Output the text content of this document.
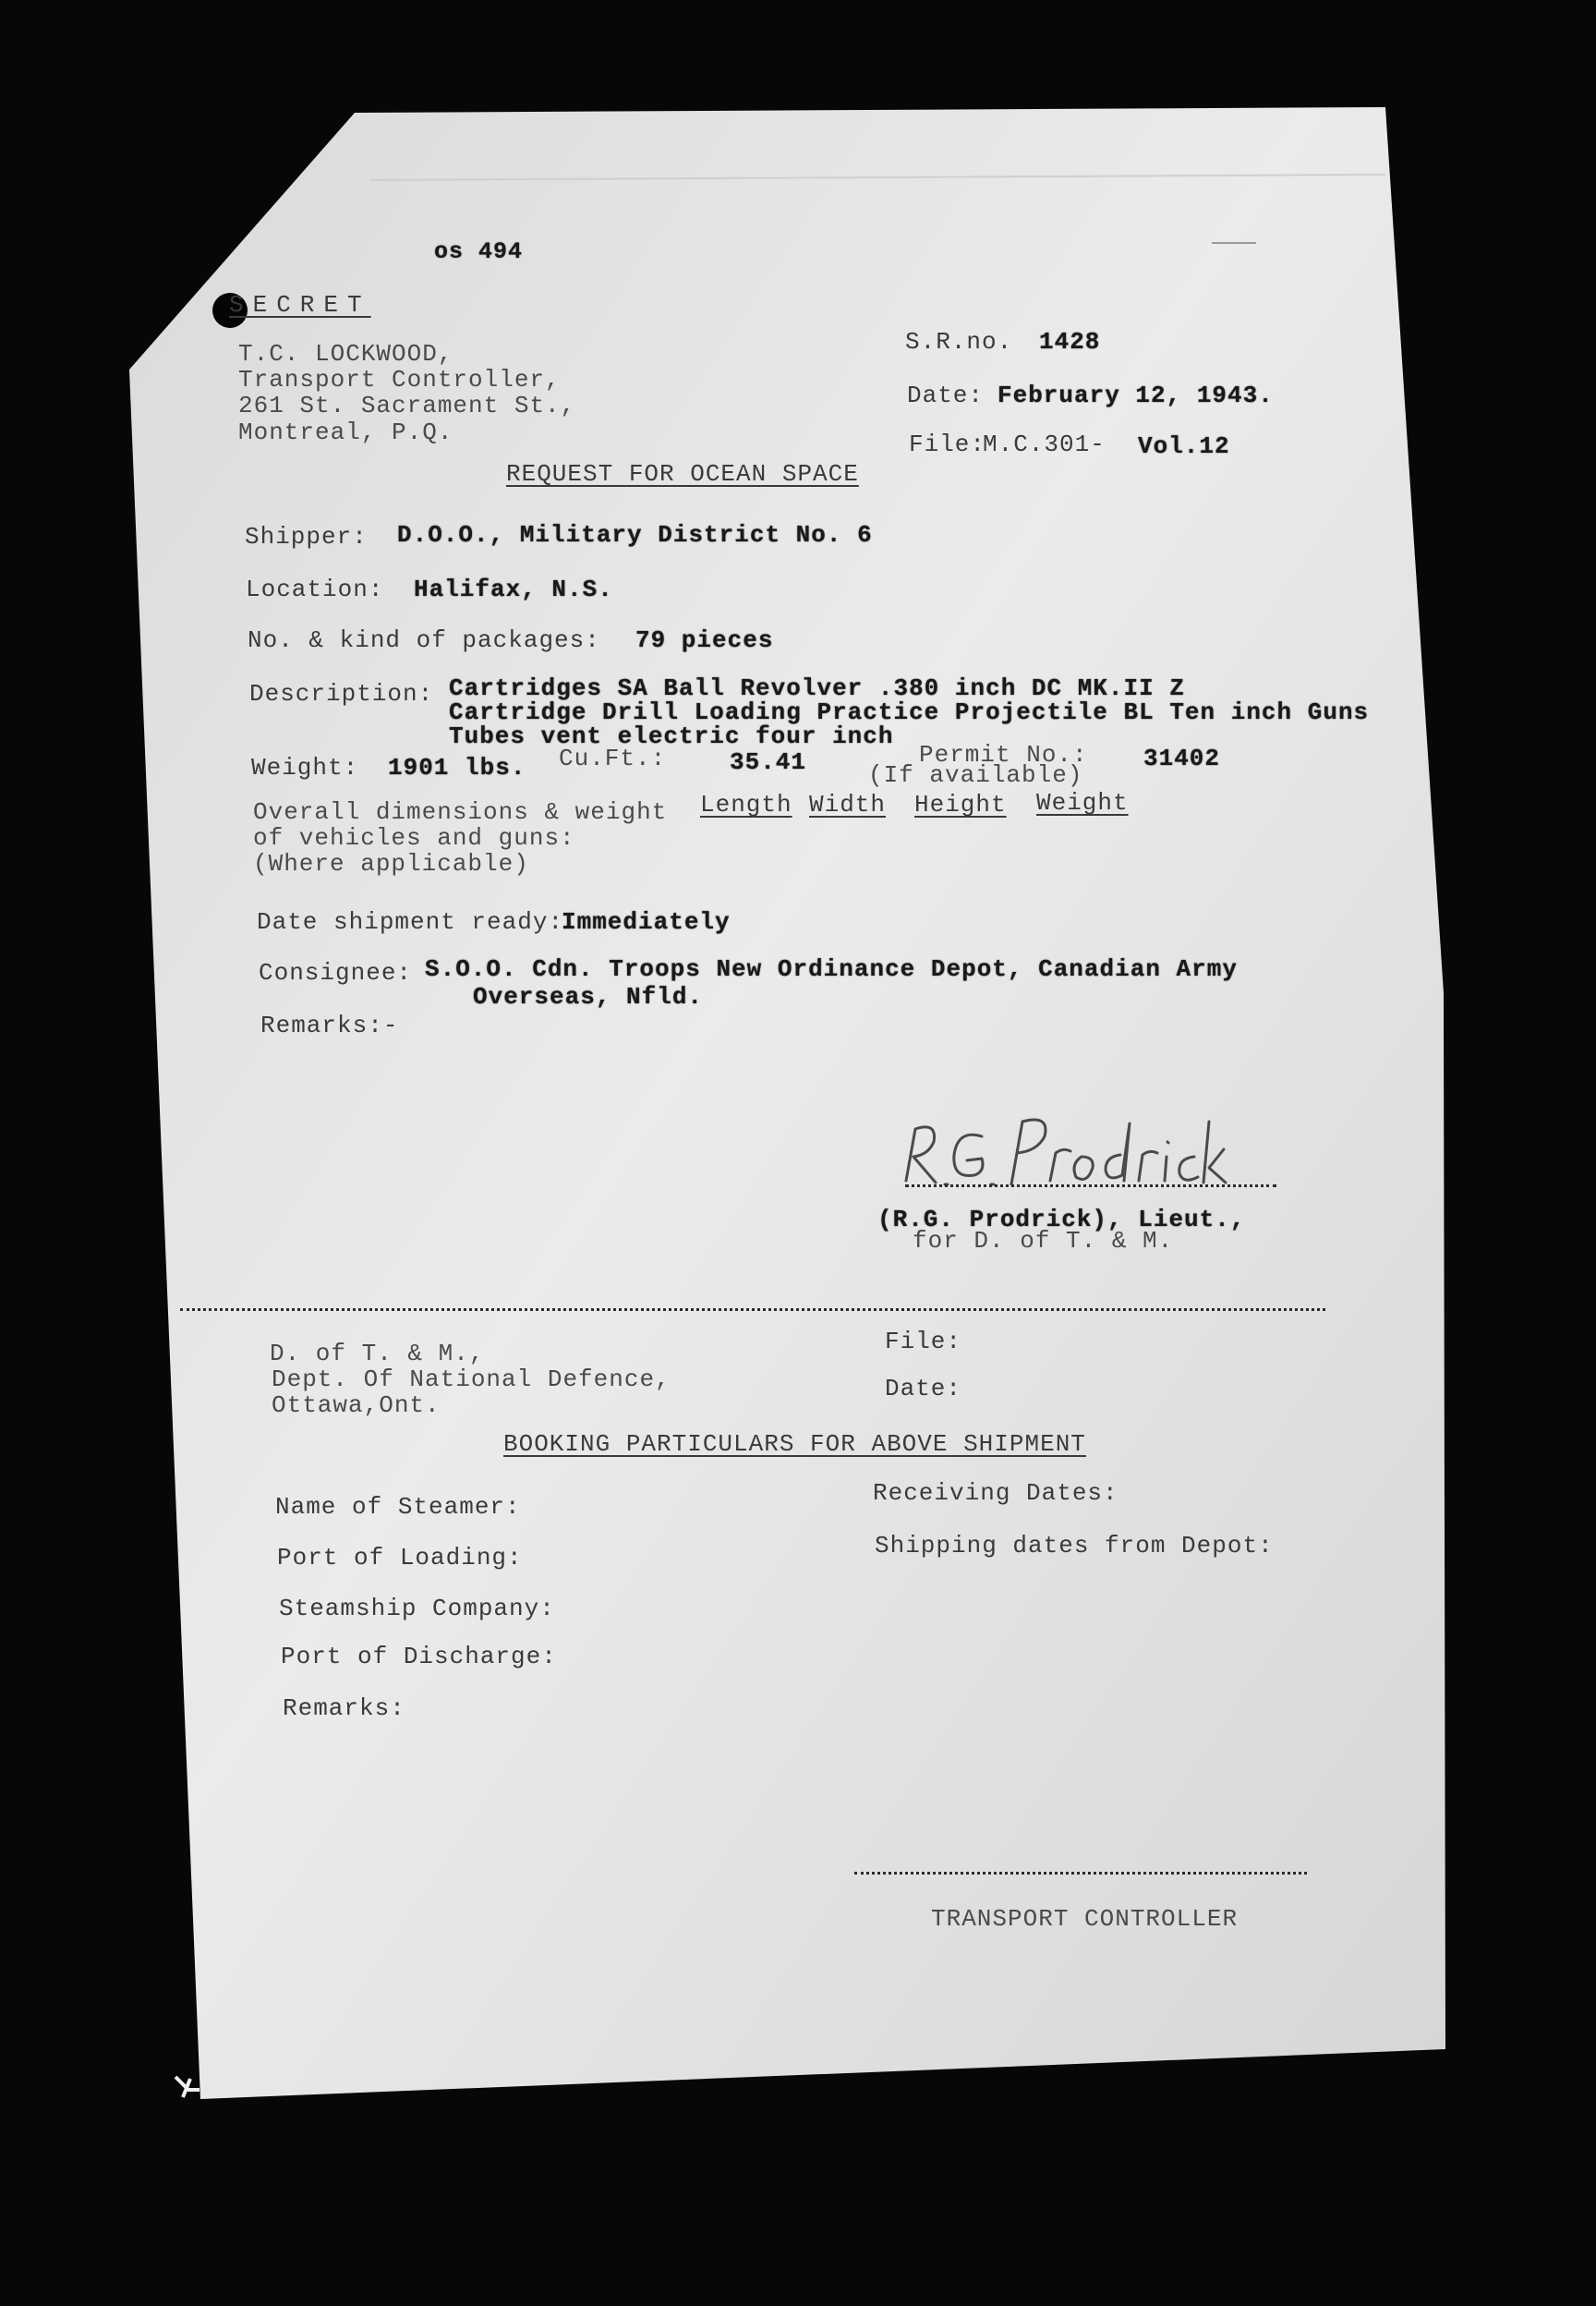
os 494
SECRET
T.C. LOCKWOOD,
Transport Controller,
261 St. Sacrament St.,
Montreal, P.Q.
S.R.no. 1428
Date: February 12, 1943.
File:
M.C.301- Vol.12
REQUEST FOR OCEAN SPACE
Shipper: D.O.O., Military District No. 6
Location: Halifax, N.S.
No. & kind of packages: 79 pieces
Description: Cartridges SA Ball Revolver .380 inch DC MK.II Z
Cartridge Drill Loading Practice Projectile BL Ten inch Guns
Tubes vent electric four inch
Weight: 1901 lbs. Cu.Ft.:	35.41	Permit No.:
(If available)
31402
Overall dimensions & weight
of vehicles and guns:
(Where applicable)
Length Width Height Weight
Date shipment ready:
Immediately
Consignee: S.O.O. Cdn. Troops New Ordinance Depot, Canadian Army
Overseas, Nfld.
Remarks:-
(R.G. Prodrick), Lieut.,
for D. of T. & M.
D. of T. & M.,
Dept. Of National Defence,
Ottawa,Ont.
File:
Date:
BOOKING PARTICULARS FOR ABOVE SHIPMENT
Name of Steamer:
Port of Loading:
Steamship Company:
Port of Discharge:
Remarks:
Receiving Dates:
Shipping dates from Depot:
TRANSPORT CONTROLLER
